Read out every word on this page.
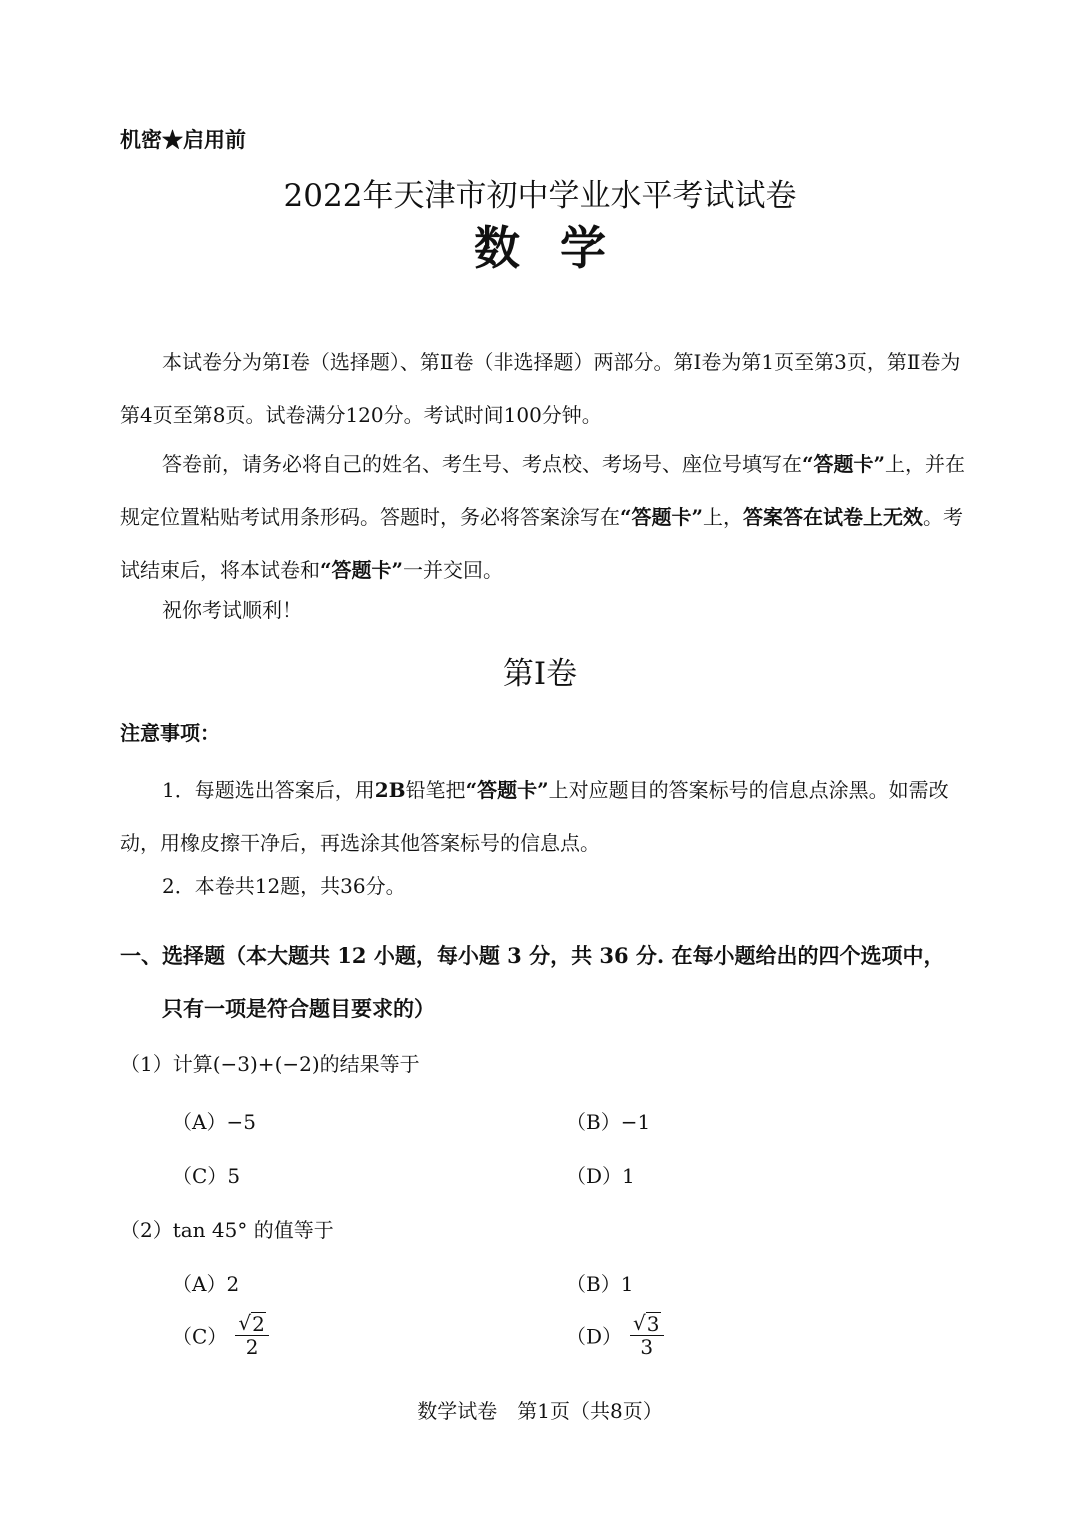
机密★启用前
2022年天津市初中学业水平考试试卷
数学
本试卷分为第Ⅰ卷（选择题）、第Ⅱ卷（非选择题）两部分。第Ⅰ卷为第1页至第3页，第Ⅱ卷为第4页至第8页。试卷满分120分。考试时间100分钟。
答卷前，请务必将自己的姓名、考生号、考点校、考场号、座位号填写在“答题卡”上，并在规定位置粘贴考试用条形码。答题时，务必将答案涂写在“答题卡”上，答案答在试卷上无效。考试结束后，将本试卷和“答题卡”一并交回。
祝你考试顺利！
第Ⅰ卷
注意事项：
1．每题选出答案后，用2B铅笔把“答题卡”上对应题目的答案标号的信息点涂黑。如需改动，用橡皮擦干净后，再选涂其他答案标号的信息点。
2．本卷共12题，共36分。
一、选择题（本大题共 12 小题，每小题 3 分，共 36 分. 在每小题给出的四个选项中，
只有一项是符合题目要求的）
（1）计算(−3)+(−2)的结果等于
（A）−5	（B）−1
（C）5	（D）1
（2）tan 45° 的值等于
（A）2	（B）1
$(C) \frac{√ 2}{2}$	$(D) \frac{√ 3}{3}$
数学试卷　第1页（共8页）
